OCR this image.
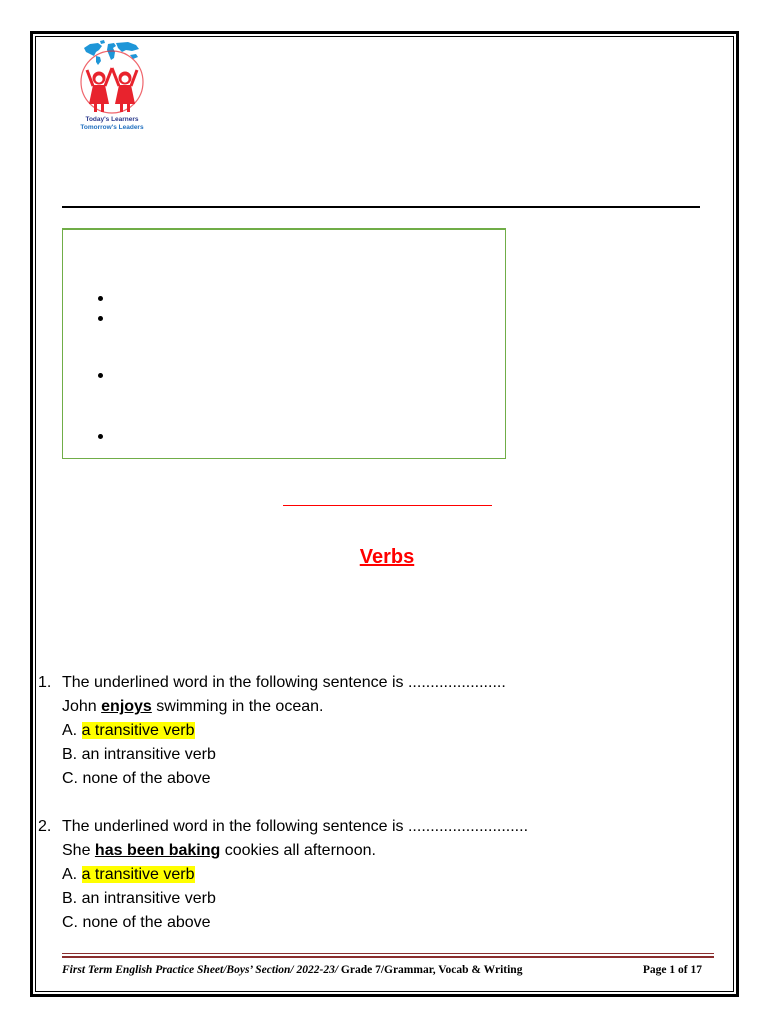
Today's Learners
Tomorrow's Leaders
Verbs
1. The underlined word in the following sentence is ......................
John enjoys swimming in the ocean.
A. a transitive verb
B. an intransitive verb
C. none of the above
2. The underlined word in the following sentence is ...........................
She has been baking cookies all afternoon.
A. a transitive verb
B. an intransitive verb
C. none of the above
First Term English Practice Sheet/Boys’ Section/ 2022-23/ Grade 7/Grammar, Vocab & Writing	Page 1 of 17
